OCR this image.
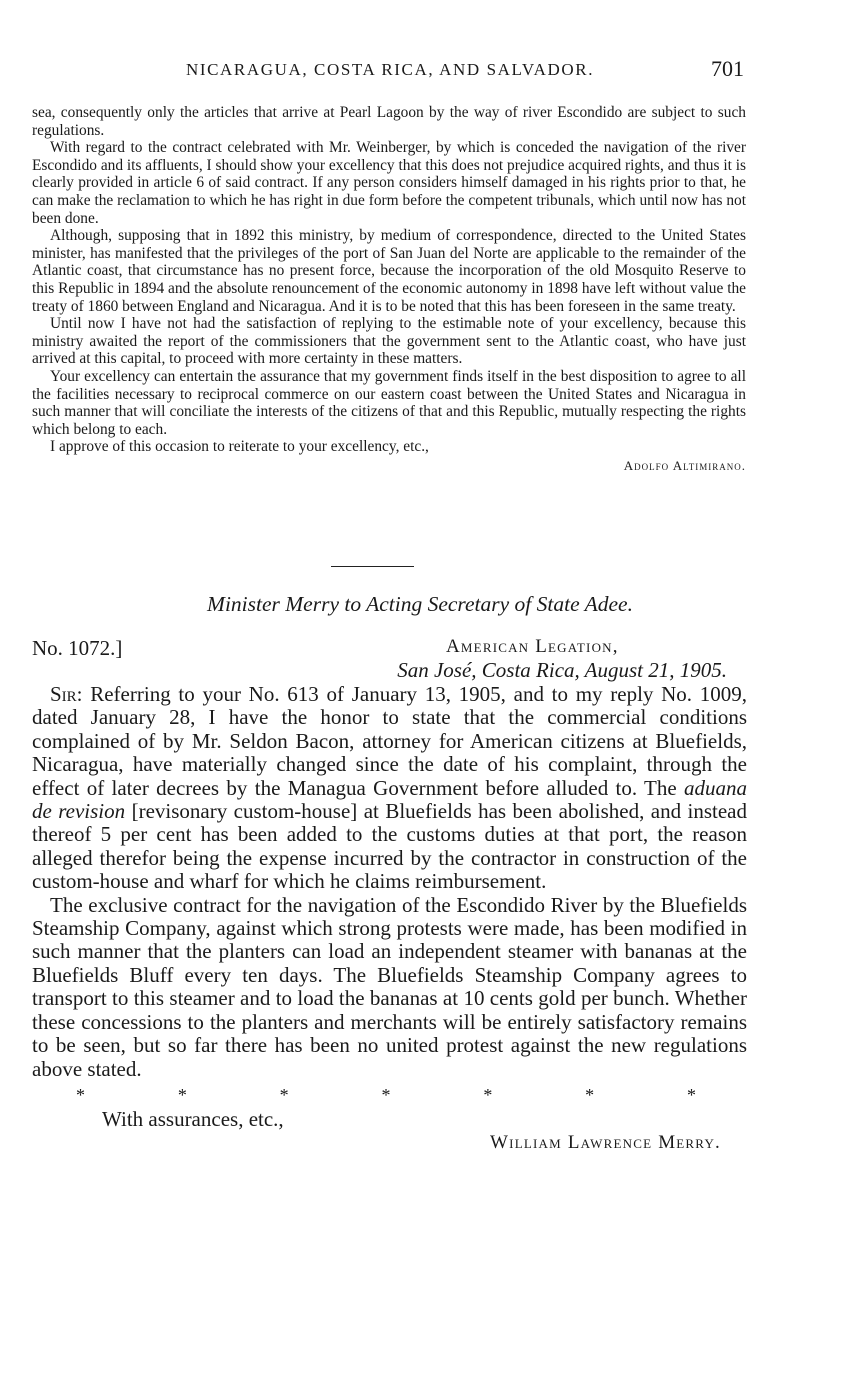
NICARAGUA, COSTA RICA, AND SALVADOR.	701

sea, consequently only the articles that arrive at Pearl Lagoon by the way of river Escondido are subject to such regulations.

With regard to the contract celebrated with Mr. Weinberger, by which is conceded the navigation of the river Escondido and its affluents, I should show your excellency that this does not prejudice acquired rights, and thus it is clearly provided in article 6 of said contract. If any person considers himself damaged in his rights prior to that, he can make the reclamation to which he has right in due form before the competent tribunals, which until now has not been done.

Although, supposing that in 1892 this ministry, by medium of correspondence, directed to the United States minister, has manifested that the privileges of the port of San Juan del Norte are applicable to the remainder of the Atlantic coast, that circumstance has no present force, because the incorporation of the old Mosquito Reserve to this Republic in 1894 and the absolute renouncement of the economic autonomy in 1898 have left without value the treaty of 1860 between England and Nicaragua. And it is to be noted that this has been foreseen in the same treaty.

Until now I have not had the satisfaction of replying to the estimable note of your excellency, because this ministry awaited the report of the commissioners that the government sent to the Atlantic coast, who have just arrived at this capital, to proceed with more certainty in these matters.

Your excellency can entertain the assurance that my government finds itself in the best disposition to agree to all the facilities necessary to reciprocal commerce on our eastern coast between the United States and Nicaragua in such manner that will conciliate the interests of the citizens of that and this Republic, mutually respecting the rights which belong to each.

I approve of this occasion to reiterate to your excellency, etc.,

Adolfo Altimirano.
Minister Merry to Acting Secretary of State Adee.
No. 1072.]	American Legation,
San José, Costa Rica, August 21, 1905.

Sir: Referring to your No. 613 of January 13, 1905, and to my reply No. 1009, dated January 28, I have the honor to state that the commercial conditions complained of by Mr. Seldon Bacon, attorney for American citizens at Bluefields, Nicaragua, have materially changed since the date of his complaint, through the effect of later decrees by the Managua Government before alluded to. The aduana de revision [revisonary custom-house] at Bluefields has been abolished, and instead thereof 5 per cent has been added to the customs duties at that port, the reason alleged therefor being the expense incurred by the contractor in construction of the custom-house and wharf for which he claims reimbursement.

The exclusive contract for the navigation of the Escondido River by the Bluefields Steamship Company, against which strong protests were made, has been modified in such manner that the planters can load an independent steamer with bananas at the Bluefields Bluff every ten days. The Bluefields Steamship Company agrees to transport to this steamer and to load the bananas at 10 cents gold per bunch. Whether these concessions to the planters and merchants will be entirely satisfactory remains to be seen, but so far there has been no united protest against the new regulations above stated.

*	*	*	*	*	*	*
With assurances, etc.,
William Lawrence Merry.
